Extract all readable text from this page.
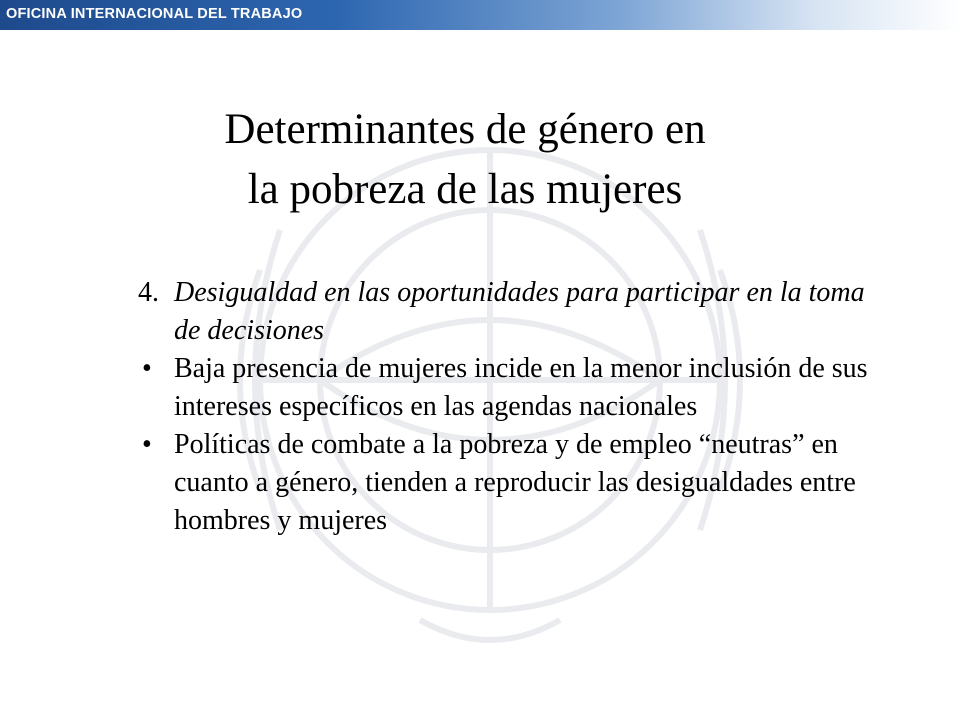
OFICINA INTERNACIONAL DEL TRABAJO
Determinantes de género en
la pobreza de las mujeres
4. Desigualdad en las oportunidades para participar en la toma de decisiones
• Baja presencia de mujeres incide en la menor inclusión de sus intereses específicos en las agendas nacionales
• Políticas de combate a la pobreza y de empleo “neutras” en cuanto a género, tienden a reproducir las desigualdades entre hombres y mujeres
